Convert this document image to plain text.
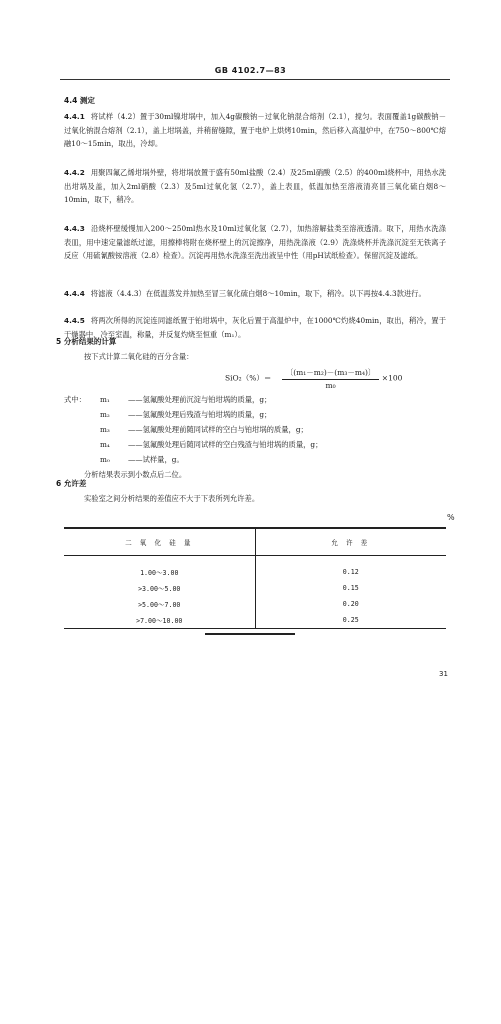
GB 4102.7—83
4.4 测定
4.4.1 将试样（4.2）置于30ml镍坩埚中，加入4g碳酸钠－过氧化钠混合熔剂（2.1），搅匀。表面覆盖1g碳酸钠－过氧化钠混合熔剂（2.1），盖上坩埚盖，并稍留缝隙，置于电炉上烘烤10min，然后移入高温炉中，在750～800℃熔融10～15min，取出，冷却。
4.4.2 用聚四氟乙烯坩埚外壁，将坩埚放置于盛有50ml盐酸（2.4）及25ml硝酸（2.5）的400ml烧杯中，用热水洗出坩埚及盖，加入2ml硝酸（2.3）及5ml过氧化氢（2.7），盖上表皿，低温加热至溶液清亮冒三氧化硫白烟8～10min，取下，稍冷。
4.4.3 沿烧杯壁缓慢加入200～250ml热水及10ml过氧化氢（2.7），加热溶解盐类至溶液透清。取下，用热水洗涤表皿，用中速定量滤纸过滤，用擦棒将附在烧杯壁上的沉淀擦净，用热洗涤液（2.9）洗涤烧杯并洗涤沉淀至无铁离子反应（用硫氰酸铵溶液（2.8）检查）。沉淀再用热水洗涤至洗出液呈中性（用pH试纸检查）。保留沉淀及滤纸。
4.4.4 将滤液（4.4.3）在低温蒸发并加热至冒三氧化硫白烟8～10min，取下，稍冷。以下再按4.4.3款进行。
4.4.5 将两次所得的沉淀连同滤纸置于铂坩埚中，灰化后置于高温炉中，在1000℃灼烧40min，取出，稍冷，置于干燥器中，冷至室温，称量，并反复灼烧至恒重（m₁）。
5 分析结果的计算
按下式计算二氧化硅的百分含量：
$SiO_2(\%)= \frac{\text{〔(m₁－m₂)－(m₃－m₄)〕}}{\text{m₀}} \times 100$
式中：	m₁	——氢氟酸处理前沉淀与铂坩埚的质量，g；
m₂	——氢氟酸处理后残渣与铂坩埚的质量，g；
m₃	——氢氟酸处理前随同试样的空白与铂坩埚的质量，g；
m₄	——氢氟酸处理后随同试样的空白残渣与铂坩埚的质量，g；
m₀	——试样量，g。
分析结果表示到小数点后二位。
6 允许差
实验室之间分析结果的差值应不大于下表所列允许差。
%
二 氧 化 硅 量	允 许 差

1.00～3.00	0.12
>3.00～5.00	0.15
>5.00～7.00	0.20
>7.00～10.00	0.25
31
